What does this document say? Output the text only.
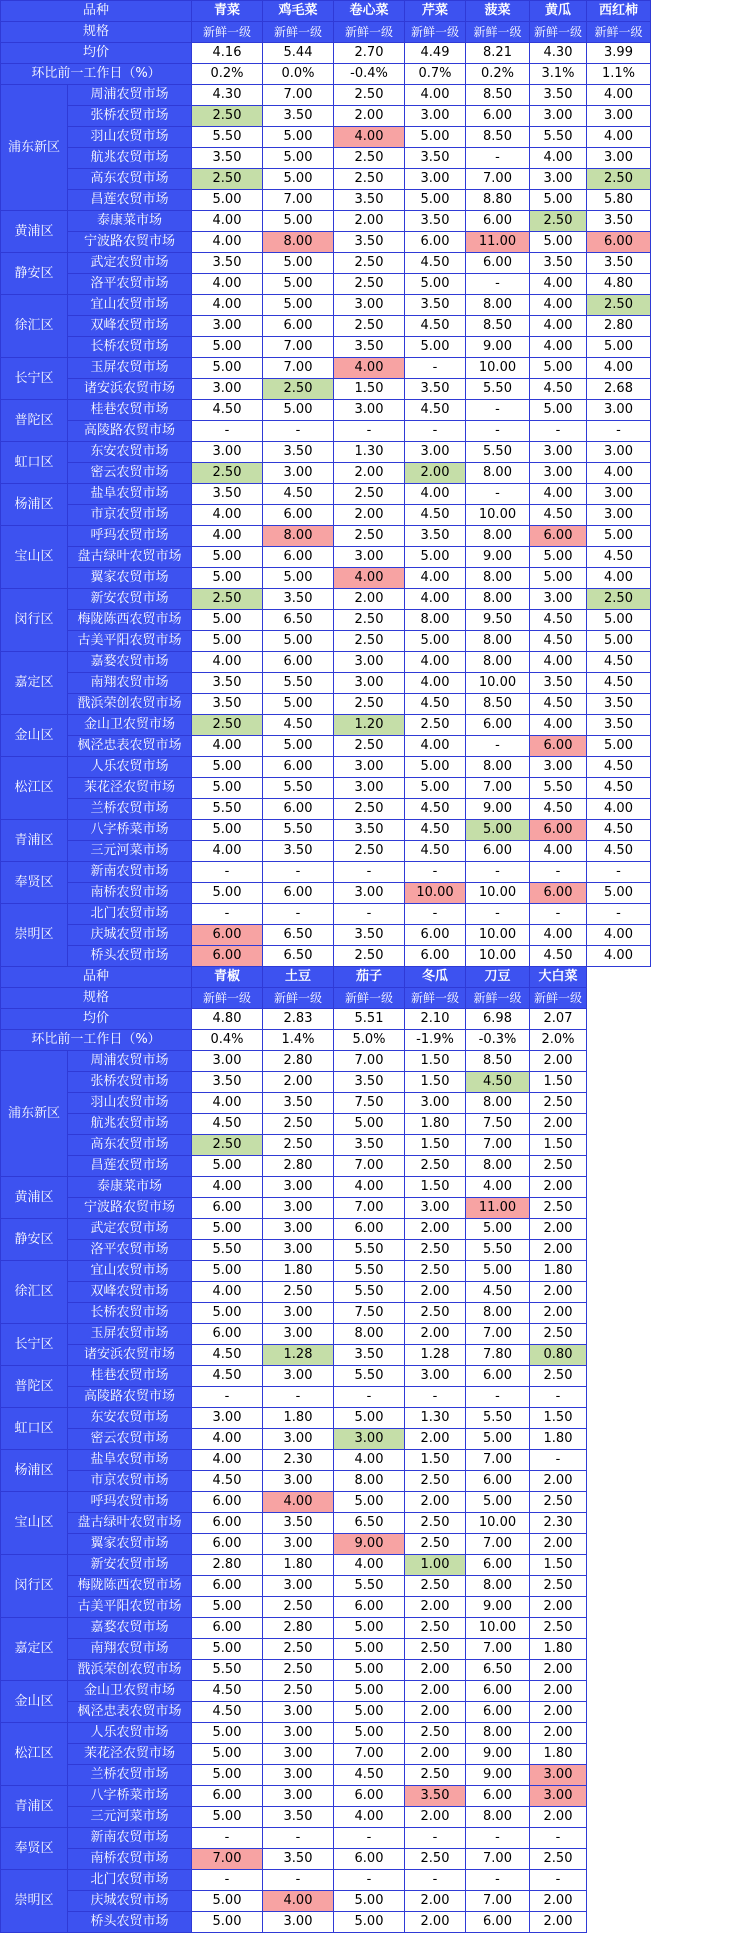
品种		青菜	鸡毛菜	卷心菜	芹菜	菠菜	黄瓜	西红柿
规格		新鲜一级	新鲜一级	新鲜一级	新鲜一级	新鲜一级	新鲜一级	新鲜一级
均价		4.16	5.44	2.70	4.49	8.21	4.30	3.99
环比前一工作日（%）		0.2%	0.0%	-0.4%	0.7%	0.2%	3.1%	1.1%
浦东新区	周浦农贸市场	4.30	7.00	2.50	4.00	8.50	3.50	4.00
	张桥农贸市场	2.50	3.50	2.00	3.00	6.00	3.00	3.00
	羽山农贸市场	5.50	5.00	4.00	5.00	8.50	5.50	4.00
	航兆农贸市场	3.50	5.00	2.50	3.50	-	4.00	3.00
	高东农贸市场	2.50	5.00	2.50	3.00	7.00	3.00	2.50
	昌莲农贸市场	5.00	7.00	3.50	5.00	8.80	5.00	5.80
黄浦区	泰康菜市场	4.00	5.00	2.00	3.50	6.00	2.50	3.50
	宁波路农贸市场	4.00	8.00	3.50	6.00	11.00	5.00	6.00
静安区	武定农贸市场	3.50	5.00	2.50	4.50	6.00	3.50	3.50
	洛平农贸市场	4.00	5.00	2.50	5.00	-	4.00	4.80
徐汇区	宜山农贸市场	4.00	5.00	3.00	3.50	8.00	4.00	2.50
	双峰农贸市场	3.00	6.00	2.50	4.50	8.50	4.00	2.80
	长桥农贸市场	5.00	7.00	3.50	5.00	9.00	4.00	5.00
长宁区	玉屏农贸市场	5.00	7.00	4.00	-	10.00	5.00	4.00
	诸安浜农贸市场	3.00	2.50	1.50	3.50	5.50	4.50	2.68
普陀区	桂巷农贸市场	4.50	5.00	3.00	4.50	-	5.00	3.00
	高陵路农贸市场	-	-	-	-	-	-	-
虹口区	东安农贸市场	3.00	3.50	1.30	3.00	5.50	3.00	3.00
	密云农贸市场	2.50	3.00	2.00	2.00	8.00	3.00	4.00
杨浦区	盐阜农贸市场	3.50	4.50	2.50	4.00	-	4.00	3.00
	市京农贸市场	4.00	6.00	2.00	4.50	10.00	4.50	3.00
宝山区	呼玛农贸市场	4.00	8.00	2.50	3.50	8.00	6.00	5.00
	盘古绿叶农贸市场	5.00	6.00	3.00	5.00	9.00	5.00	4.50
	翼家农贸市场	5.00	5.00	4.00	4.00	8.00	5.00	4.00
闵行区	新安农贸市场	2.50	3.50	2.00	4.00	8.00	3.00	2.50
	梅陇陈西农贸市场	5.00	6.50	2.50	8.00	9.50	4.50	5.00
	古美平阳农贸市场	5.00	5.00	2.50	5.00	8.00	4.50	5.00
嘉定区	嘉婺农贸市场	4.00	6.00	3.00	4.00	8.00	4.00	4.50
	南翔农贸市场	3.50	5.50	3.00	4.00	10.00	3.50	4.50
	戬浜荣创农贸市场	3.50	5.00	2.50	4.50	8.50	4.50	3.50
金山区	金山卫农贸市场	2.50	4.50	1.20	2.50	6.00	4.00	3.50
	枫泾忠表农贸市场	4.00	5.00	2.50	4.00	-	6.00	5.00
松江区	人乐农贸市场	5.00	6.00	3.00	5.00	8.00	3.00	4.50
	茉花泾农贸市场	5.00	5.50	3.00	5.00	7.00	5.50	4.50
	兰桥农贸市场	5.50	6.00	2.50	4.50	9.00	4.50	4.00
青浦区	八字桥菜市场	5.00	5.50	3.50	4.50	5.00	6.00	4.50
	三元河菜市场	4.00	3.50	2.50	4.50	6.00	4.00	4.50
奉贤区	新南农贸市场	-	-	-	-	-	-	-
	南桥农贸市场	5.00	6.00	3.00	10.00	10.00	6.00	5.00
崇明区	北门农贸市场	-	-	-	-	-	-	-
	庆城农贸市场	6.00	6.50	3.50	6.00	10.00	4.00	4.00
	桥头农贸市场	6.00	6.50	2.50	6.00	10.00	4.50	4.00
品种		青椒	土豆	茄子	冬瓜	刀豆	大白菜	
规格		新鲜一级	新鲜一级	新鲜一级	新鲜一级	新鲜一级	新鲜一级	
均价		4.80	2.83	5.51	2.10	6.98	2.07	
环比前一工作日（%）		0.4%	1.4%	5.0%	-1.9%	-0.3%	2.0%	
浦东新区	周浦农贸市场	3.00	2.80	7.00	1.50	8.50	2.00	
	张桥农贸市场	3.50	2.00	3.50	1.50	4.50	1.50	
	羽山农贸市场	4.00	3.50	7.50	3.00	8.00	2.50	
	航兆农贸市场	4.50	2.50	5.00	1.80	7.50	2.00	
	高东农贸市场	2.50	2.50	3.50	1.50	7.00	1.50	
	昌莲农贸市场	5.00	2.80	7.00	2.50	8.00	2.50	
黄浦区	泰康菜市场	4.00	3.00	4.00	1.50	4.00	2.00	
	宁波路农贸市场	6.00	3.00	7.00	3.00	11.00	2.50	
静安区	武定农贸市场	5.00	3.00	6.00	2.00	5.00	2.00	
	洛平农贸市场	5.50	3.00	5.50	2.50	5.50	2.00	
徐汇区	宜山农贸市场	5.00	1.80	5.50	2.50	5.00	1.80	
	双峰农贸市场	4.00	2.50	5.50	2.00	4.50	2.00	
	长桥农贸市场	5.00	3.00	7.50	2.50	8.00	2.00	
长宁区	玉屏农贸市场	6.00	3.00	8.00	2.00	7.00	2.50	
	诸安浜农贸市场	4.50	1.28	3.50	1.28	7.80	0.80	
普陀区	桂巷农贸市场	4.50	3.00	5.50	3.00	6.00	2.50	
	高陵路农贸市场	-	-	-	-	-	-	
虹口区	东安农贸市场	3.00	1.80	5.00	1.30	5.50	1.50	
	密云农贸市场	4.00	3.00	3.00	2.00	5.00	1.80	
杨浦区	盐阜农贸市场	4.00	2.30	4.00	1.50	7.00	-	
	市京农贸市场	4.50	3.00	8.00	2.50	6.00	2.00	
宝山区	呼玛农贸市场	6.00	4.00	5.00	2.00	5.00	2.50	
	盘古绿叶农贸市场	6.00	3.50	6.50	2.50	10.00	2.30	
	翼家农贸市场	6.00	3.00	9.00	2.50	7.00	2.00	
闵行区	新安农贸市场	2.80	1.80	4.00	1.00	6.00	1.50	
	梅陇陈西农贸市场	6.00	3.00	5.50	2.50	8.00	2.50	
	古美平阳农贸市场	5.00	2.50	6.00	2.00	9.00	2.00	
嘉定区	嘉婺农贸市场	6.00	2.80	5.00	2.50	10.00	2.50	
	南翔农贸市场	5.00	2.50	5.00	2.50	7.00	1.80	
	戬浜荣创农贸市场	5.50	2.50	5.00	2.00	6.50	2.00	
金山区	金山卫农贸市场	4.50	2.50	5.00	2.00	6.00	2.00	
	枫泾忠表农贸市场	4.50	3.00	5.00	2.00	6.00	2.00	
松江区	人乐农贸市场	5.00	3.00	5.00	2.50	8.00	2.00	
	茉花泾农贸市场	5.00	3.00	7.00	2.00	9.00	1.80	
	兰桥农贸市场	5.00	3.00	4.50	2.50	9.00	3.00	
青浦区	八字桥菜市场	6.00	3.00	6.00	3.50	6.00	3.00	
	三元河菜市场	5.00	3.50	4.00	2.00	8.00	2.00	
奉贤区	新南农贸市场	-	-	-	-	-	-	
	南桥农贸市场	7.00	3.50	6.00	2.50	7.00	2.50	
崇明区	北门农贸市场	-	-	-	-	-	-	
	庆城农贸市场	5.00	4.00	5.00	2.00	7.00	2.00	
	桥头农贸市场	5.00	3.00	5.00	2.00	6.00	2.00	
